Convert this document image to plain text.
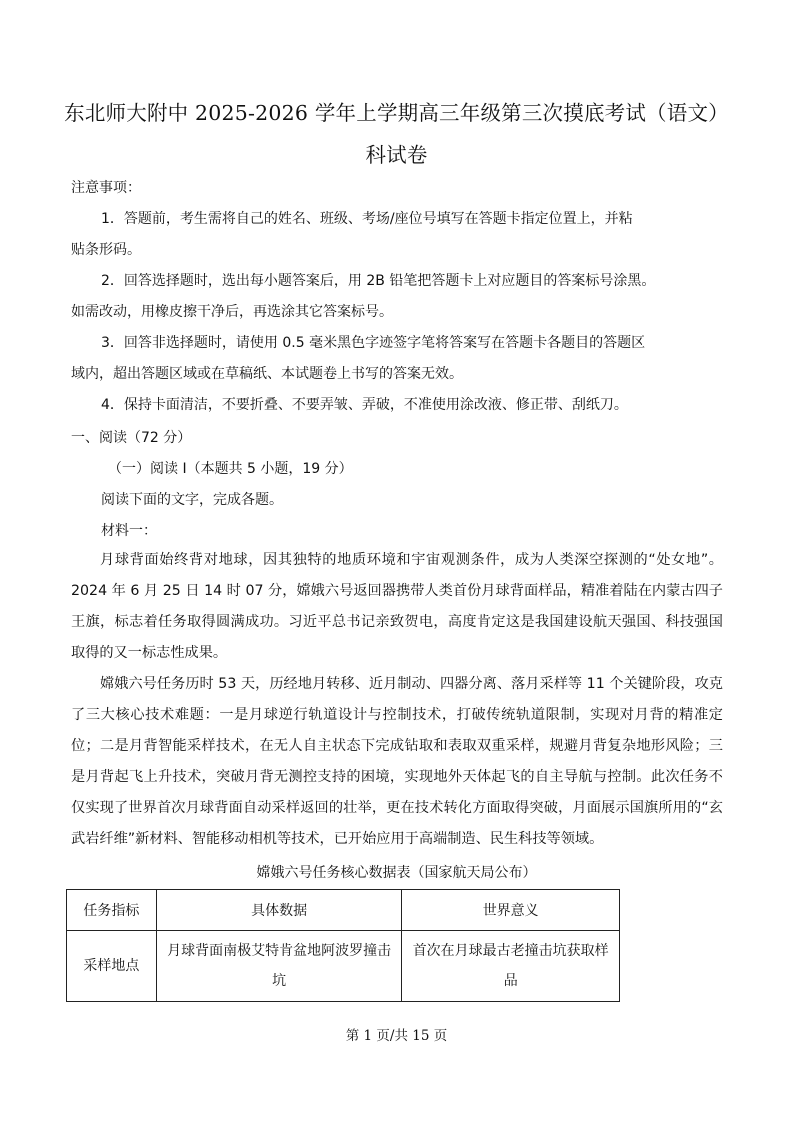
东北师大附中 2025-2026 学年上学期高三年级第三次摸底考试（语文）
科试卷
注意事项：
1．答题前，考生需将自己的姓名、班级、考场/座位号填写在答题卡指定位置上，并粘
贴条形码。
2．回答选择题时，选出每小题答案后，用 2B 铅笔把答题卡上对应题目的答案标号涂黑。
如需改动，用橡皮擦干净后，再选涂其它答案标号。
3．回答非选择题时，请使用 0.5 毫米黑色字迹签字笔将答案写在答题卡各题目的答题区
域内，超出答题区域或在草稿纸、本试题卷上书写的答案无效。
4．保持卡面清洁，不要折叠、不要弄皱、弄破，不准使用涂改液、修正带、刮纸刀。
一、阅读（72 分）
（一）阅读 I（本题共 5 小题，19 分）
阅读下面的文字，完成各题。
材料一：
月球背面始终背对地球，因其独特的地质环境和宇宙观测条件，成为人类深空探测的“处女地”。2024 年 6 月 25 日 14 时 07 分，嫦娥六号返回器携带人类首份月球背面样品，精准着陆在内蒙古四子王旗，标志着任务取得圆满成功。习近平总书记亲致贺电，高度肯定这是我国建设航天强国、科技强国取得的又一标志性成果。
嫦娥六号任务历时 53 天，历经地月转移、近月制动、四器分离、落月采样等 11 个关键阶段，攻克了三大核心技术难题：一是月球逆行轨道设计与控制技术，打破传统轨道限制，实现对月背的精准定位；二是月背智能采样技术，在无人自主状态下完成钻取和表取双重采样，规避月背复杂地形风险；三是月背起飞上升技术，突破月背无测控支持的困境，实现地外天体起飞的自主导航与控制。此次任务不仅实现了世界首次月球背面自动采样返回的壮举，更在技术转化方面取得突破，月面展示国旗所用的“玄武岩纤维”新材料、智能移动相机等技术，已开始应用于高端制造、民生科技等领域。
嫦娥六号任务核心数据表（国家航天局公布）
任务指标	具体数据	世界意义
采样地点	月球背面南极艾特肯盆地阿波罗撞击坑	首次在月球最古老撞击坑获取样品
第 1 页/共 15 页
